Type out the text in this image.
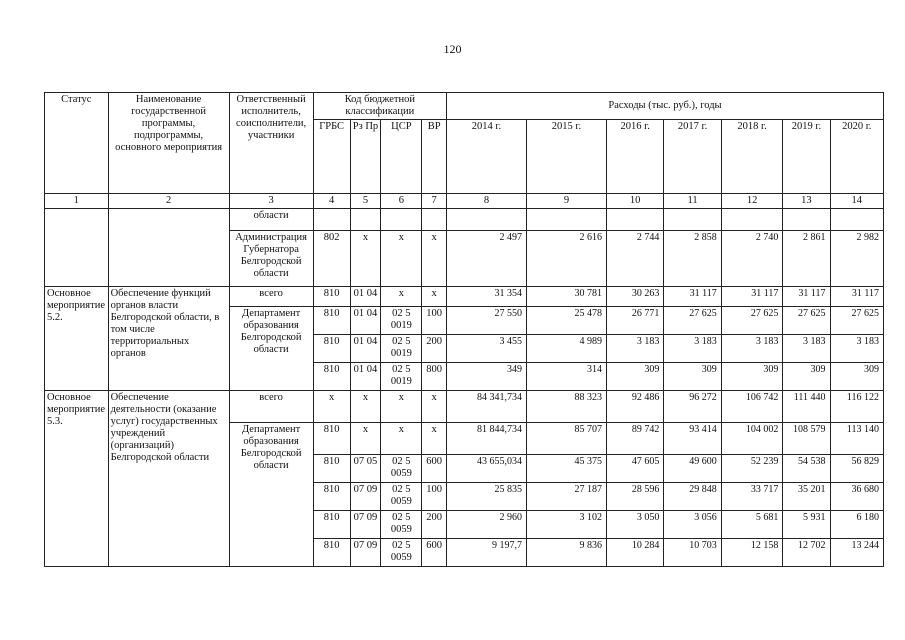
120
Статус	Наименование государственной программы, подпрограммы, основного мероприятия	Ответственный исполнитель, соисполнители, участники	Код бюджетной классификации				Расходы (тыс. руб.), годы						
			ГРБС	Рз Пр	ЦСР	ВР	2014 г.	2015 г.	2016 г.	2017 г.	2018 г.	2019 г.	2020 г.
1	2	3	4	5	6	7	8	9	10	11	12	13	14
		области											
		Администрация Губернатора Белгородской области	802	х	х	х	2 497	2 616	2 744	2 858	2 740	2 861	2 982
Основное мероприятие 5.2.	Обеспечение функций органов власти Белгородской области, в том числе территориальных органов	всего	810	01 04	х	х	31 354	30 781	30 263	31 117	31 117	31 117	31 117
		Департамент образования Белгородской области	810	01 04	02 5 0019	100	27 550	25 478	26 771	27 625	27 625	27 625	27 625
			810	01 04	02 5 0019	200	3 455	4 989	3 183	3 183	3 183	3 183	3 183
			810	01 04	02 5 0019	800	349	314	309	309	309	309	309
Основное мероприятие 5.3.	Обеспечение деятельности (оказание услуг) государственных учреждений (организаций) Белгородской области	всего	х	х	х	х	84 341,734	88 323	92 486	96 272	106 742	111 440	116 122
		Департамент образования Белгородской области	810	х	х	х	81 844,734	85 707	89 742	93 414	104 002	108 579	113 140
			810	07 05	02 5 0059	600	43 655,034	45 375	47 605	49 600	52 239	54 538	56 829
			810	07 09	02 5 0059	100	25 835	27 187	28 596	29 848	33 717	35 201	36 680
			810	07 09	02 5 0059	200	2 960	3 102	3 050	3 056	5 681	5 931	6 180
			810	07 09	02 5 0059	600	9 197,7	9 836	10 284	10 703	12 158	12 702	13 244
